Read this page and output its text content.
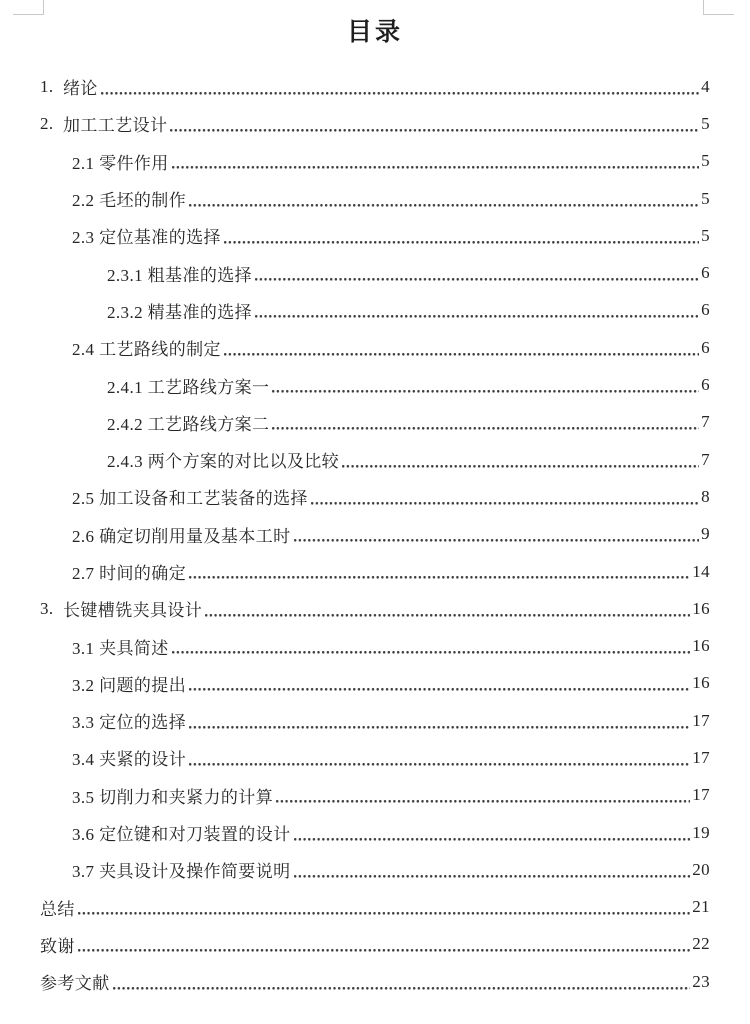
目录
1. 绪论	4
2. 加工工艺设计	5
2.1 零件作用	5
2.2 毛坯的制作	5
2.3 定位基准的选择	5
2.3.1 粗基准的选择	6
2.3.2 精基准的选择	6
2.4 工艺路线的制定	6
2.4.1 工艺路线方案一	6
2.4.2 工艺路线方案二	7
2.4.3 两个方案的对比以及比较	7
2.5 加工设备和工艺装备的选择	8
2.6 确定切削用量及基本工时	9
2.7 时间的确定	14
3. 长键槽铣夹具设计	16
3.1 夹具简述	16
3.2 问题的提出	16
3.3 定位的选择	17
3.4 夹紧的设计	17
3.5 切削力和夹紧力的计算	17
3.6 定位键和对刀装置的设计	19
3.7 夹具设计及操作简要说明	20
总结	21
致谢	22
参考文献	23
